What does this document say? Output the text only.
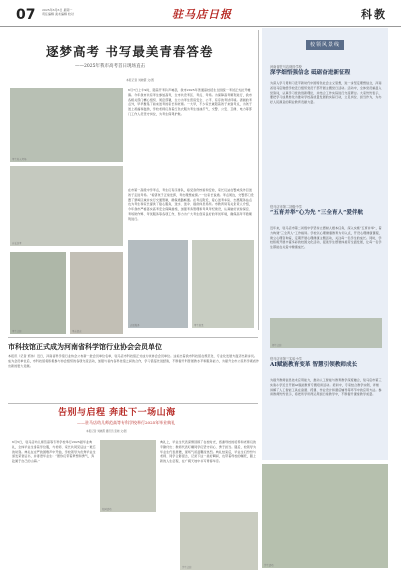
07 2025年6月6日 星期一
责任编辑 美术编辑 校对	驻马店日报	科教
逐梦高考 书写最美青春答卷
——2025年我市高考首日现场直击
本报记者 刘晓霞 文/图
考生进入考场
家长送考
考生合影	考前留念
志愿服务	考生检录
6月7日上午9时，随着开考铃声响起，我市2025年普通高校招生全国统一考试正式拉开帷幕。今年我市共有考生参加高考，全市共设考区、考点、考场。为保障高考顺利进行，我市各相关部门精心组织、周密部署，全力为考生营造安全、公平、有序的考试环境。清晨的考点外，早早聚集了前来送考的家长和老师。一大早，不少家长就陪着孩子来到考点，为孩子送上祝福和鼓励，学校老师们身着红色衣服为考生加油打气，交警、公安、卫健、电力等部门工作人员坚守岗位，为考生保驾护航。
在市第一高级中学考点，考生们有序排队，接受身份核验和安检，家长们站在警戒线外目送孩子走进考场。“希望孩子正常发挥，考出理想成绩。”一位家长说道。考点周边，交警部门设置了禁鸣区域并实行交通管制，确保道路畅通。在考点附近，爱心送考车队、志愿服务站点也为考生和家长提供了贴心服务，送水、送伞、提供休息场所。市教育局有关负责人介绍，今年我市严格落实高考安全保障措施，加强考务管理和考风考纪建设，认真做好试卷保密、考场防作弊、考试服务等各项工作，努力为广大考生创造良好的考试环境，确保高考平稳顺利进行。
校领风景线
河南省驻马店财经学校
深学细悟强信念 砥砺奋进新征程
为深入学习贯彻习近平新时代中国特色社会主义思想，进一步坚定理想信念，河南省驻马店财经学校近日组织党员干部开展主题党日活动。活动中，全体党员重温入党誓词，认真学习党的创新理论，并结合工作实际进行交流研讨。大家纷纷表示，要把学习成果转化为推动学校高质量发展的实际行动，立足岗位、担当作为，为办好人民满意的职业教育贡献力量。
驻马店市第二初级中学
“五育并举”心为先 “三全育人”爱伴航
近年来，驻马店市第二初级中学坚持立德树人根本任务，深入实施“五育并举”，着力构建“三全育人”工作格局。学校以心理健康教育为切入点，开设心理健康课程，建立心理咨询室，定期开展心理健康主题活动，关注每一名学生的成长。同时，学校积极开展丰富多彩的校园文化活动，促进学生德智体美劳全面发展，让每一名学生都能在关爱中健康成长。
师生合影
驻马店市第三实验小学
AI赋能教育变革 智慧引领教师成长
为提升教师信息技术应用能力，推动人工智能与教育教学深度融合，驻马店市第三实验小学近日开展AI赋能教育专题培训活动。培训中，专家结合教学实例，详细讲解了人工智能工具在备课、授课、作业设计和课后辅导等环节中的应用方法。参训教师纷纷表示，将把所学所得运用到日常教学中，不断提升课堂教学质量。
市科技馆正式成为河南省科学馆行业协会会员单位
本报讯（记者 邢伟）近日，河南省科学馆行业协会公布新一批会员单位名单，驻马店市科技馆正式成为该协会会员单位。这标志着我市科技馆在规范化、专业化发展方面迈出新步伐。成为会员单位后，市科技馆将积极参与协会组织的各项交流活动，加强与省内各科技馆之间的合作，学习借鉴先进经验，不断提升科普展教水平和服务能力，为提升全市公民科学素质作出新的更大贡献。
告别与启程 奔赴下一场山海
——驻马店幼儿师范高等专科学校举行2025年毕业典礼
本报记者 刘晓霞 通讯员 张晓 文/图
6月5日，驻马店幼儿师范高等专科学校举行2025届毕业典礼，全体毕业生身着学位服，与老师、家长共同见证这一难忘的时刻。典礼在庄严的国歌声中开始，学校领导为优秀毕业生颁发荣誉证书，并寄语毕业生：“愿你们带着梦想和勇气，奔赴属于自己的山海。”
校园活动
典礼上，毕业生代表深情回顾了在校时光，感谢母校的培养和老师们的辛勤付出；教师代表叮嘱同学们坚守初心、勇于担当。随后，校领导为毕业生代表拨穗，现场气氛温馨而热烈。典礼结束后，毕业生们纷纷与老师、同学合影留念，记录下这一美好瞬间，也带着母校的嘱托，踏上新的人生征程，在广阔天地中书写青春华章。
学生活动
学生合影
